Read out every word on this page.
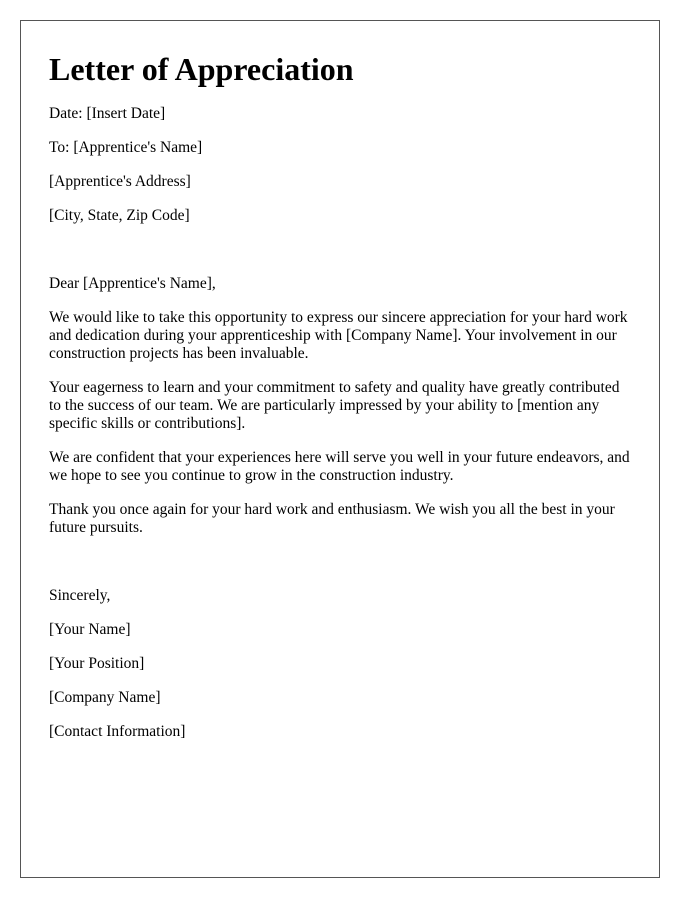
Letter of Appreciation

Date: [Insert Date]

To: [Apprentice's Name]

[Apprentice's Address]

[City, State, Zip Code]

Dear [Apprentice's Name],

We would like to take this opportunity to express our sincere appreciation for your hard work and dedication during your apprenticeship with [Company Name]. Your involvement in our construction projects has been invaluable.

Your eagerness to learn and your commitment to safety and quality have greatly contributed to the success of our team. We are particularly impressed by your ability to [mention any specific skills or contributions].

We are confident that your experiences here will serve you well in your future endeavors, and we hope to see you continue to grow in the construction industry.

Thank you once again for your hard work and enthusiasm. We wish you all the best in your future pursuits.

Sincerely,

[Your Name]

[Your Position]

[Company Name]

[Contact Information]
